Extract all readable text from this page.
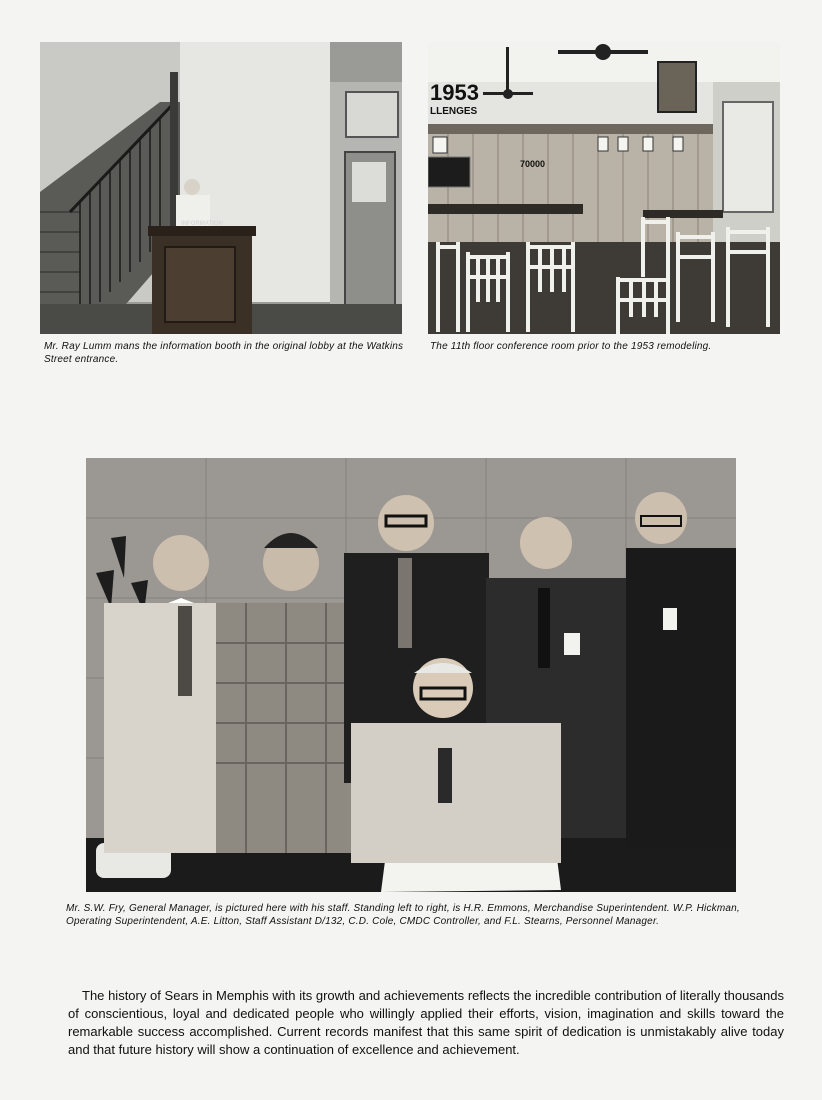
INFORMATION

Mr. Ray Lumm mans the information booth in the original lobby at the Watkins Street entrance.

1953
LLENGES
70000

The 11th floor conference room prior to the 1953 remodeling.

Mr. S.W. Fry, General Manager, is pictured here with his staff. Standing left to right, is H.R. Emmons, Merchandise Superintendent. W.P. Hickman, Operating Superintendent, A.E. Litton, Staff Assistant D/132, C.D. Cole, CMDC Controller, and F.L. Stearns, Personnel Manager.

The history of Sears in Memphis with its growth and achievements reflects the incredible contribution of literally thousands of conscientious, loyal and dedicated people who willingly applied their efforts, vision, imagination and skills toward the remarkable success accomplished. Current records manifest that this same spirit of dedication is unmistakably alive today and that future history will show a continuation of excellence and achievement.
